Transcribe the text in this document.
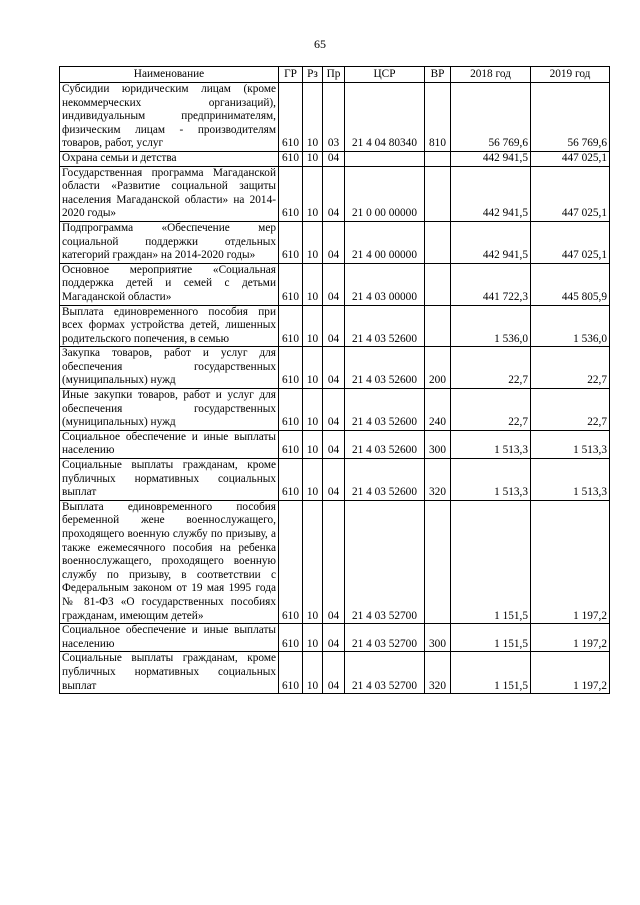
65
Наименование	ГР	Рз	Пр	ЦСР	ВР	2018 год	2019 год
Субсидии юридическим лицам (кроме некоммерческих организаций), индивидуальным предпринимателям, физическим лицам - производителям товаров, работ, услуг	610	10	03	21 4 04 80340	810	56 769,6	56 769,6
Охрана семьи и детства	610	10	04			442 941,5	447 025,1
Государственная программа Магаданской области «Развитие социальной защиты населения Магаданской области» на 2014-2020 годы»	610	10	04	21 0 00 00000		442 941,5	447 025,1
Подпрограмма «Обеспечение мер социальной поддержки отдельных категорий граждан» на 2014-2020 годы»	610	10	04	21 4 00 00000		442 941,5	447 025,1
Основное мероприятие «Социальная поддержка детей и семей с детьми Магаданской области»	610	10	04	21 4 03 00000		441 722,3	445 805,9
Выплата единовременного пособия при всех формах устройства детей, лишенных родительского попечения, в семью	610	10	04	21 4 03 52600		1 536,0	1 536,0
Закупка товаров, работ и услуг для обеспечения государственных (муниципальных) нужд	610	10	04	21 4 03 52600	200	22,7	22,7
Иные закупки товаров, работ и услуг для обеспечения государственных (муниципальных) нужд	610	10	04	21 4 03 52600	240	22,7	22,7
Социальное обеспечение и иные выплаты населению	610	10	04	21 4 03 52600	300	1 513,3	1 513,3
Социальные выплаты гражданам, кроме публичных нормативных социальных выплат	610	10	04	21 4 03 52600	320	1 513,3	1 513,3
Выплата единовременного пособия беременной жене военнослужащего, проходящего военную службу по призыву, а также ежемесячного пособия на ребенка военнослужащего, проходящего военную службу по призыву, в соответствии с Федеральным законом от 19 мая 1995 года № 81-ФЗ «О государственных пособиях гражданам, имеющим детей»	610	10	04	21 4 03 52700		1 151,5	1 197,2
Социальное обеспечение и иные выплаты населению	610	10	04	21 4 03 52700	300	1 151,5	1 197,2
Социальные выплаты гражданам, кроме публичных нормативных социальных выплат	610	10	04	21 4 03 52700	320	1 151,5	1 197,2
